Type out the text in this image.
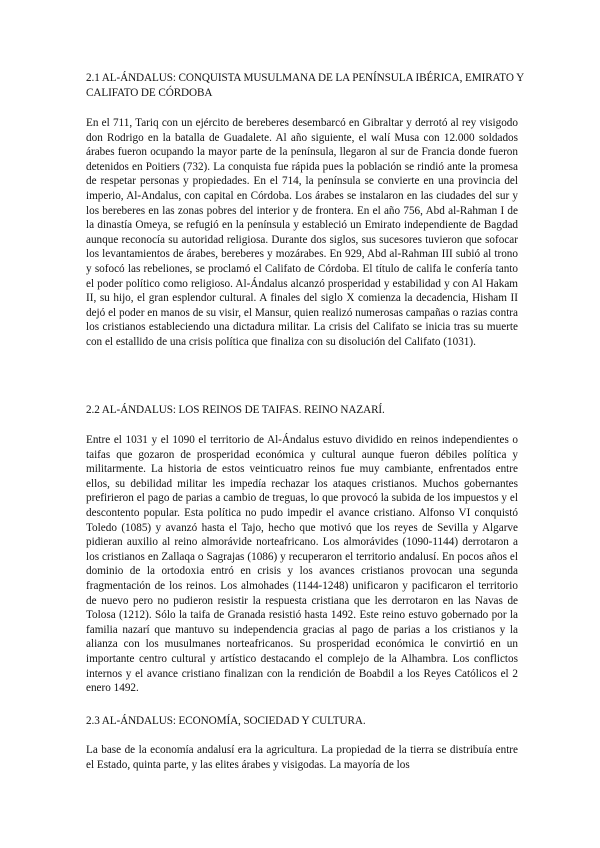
2.1 AL-ÁNDALUS: CONQUISTA MUSULMANA DE LA PENÍNSULA IBÉRICA, EMIRATO Y CALIFATO DE CÓRDOBA

En el 711, Tariq con un ejército de bereberes desembarcó en Gibraltar y derrotó al rey visigodo don Rodrigo en la batalla de Guadalete. Al año siguiente, el walí Musa con 12.000 soldados árabes fueron ocupando la mayor parte de la península, llegaron al sur de Francia donde fueron detenidos en Poitiers (732). La conquista fue rápida pues la población se rindió ante la promesa de respetar personas y propiedades. En el 714, la península se convierte en una provincia del imperio, Al-Andalus, con capital en Córdoba. Los árabes se instalaron en las ciudades del sur y los bereberes en las zonas pobres del interior y de frontera. En el año 756, Abd al-Rahman I de la dinastía Omeya, se refugió en la península y estableció un Emirato independiente de Bagdad aunque reconocía su autoridad religiosa. Durante dos siglos, sus sucesores tuvieron que sofocar los levantamientos de árabes, bereberes y mozárabes. En 929, Abd al-Rahman III subió al trono y sofocó las rebeliones, se proclamó el Califato de Córdoba. El título de califa le confería tanto el poder político como religioso. Al-Ándalus alcanzó prosperidad y estabilidad y con Al Hakam II, su hijo, el gran esplendor cultural. A finales del siglo X comienza la decadencia, Hisham II dejó el poder en manos de su visir, el Mansur, quien realizó numerosas campañas o razias contra los cristianos estableciendo una dictadura militar. La crisis del Califato se inicia tras su muerte con el estallido de una crisis política que finaliza con su disolución del Califato (1031).

2.2 AL-ÁNDALUS: LOS REINOS DE TAIFAS. REINO NAZARÍ.

Entre el 1031 y el 1090 el territorio de Al-Ándalus estuvo dividido en reinos independientes o taifas que gozaron de prosperidad económica y cultural aunque fueron débiles política y militarmente. La historia de estos veinticuatro reinos fue muy cambiante, enfrentados entre ellos, su debilidad militar les impedía rechazar los ataques cristianos. Muchos gobernantes prefirieron el pago de parias a cambio de treguas, lo que provocó la subida de los impuestos y el descontento popular. Esta política no pudo impedir el avance cristiano. Alfonso VI conquistó Toledo (1085) y avanzó hasta el Tajo, hecho que motivó que los reyes de Sevilla y Algarve pidieran auxilio al reino almorávide norteafricano. Los almorávides (1090-1144) derrotaron a los cristianos en Zallaqa o Sagrajas (1086) y recuperaron el territorio andalusí. En pocos años el dominio de la ortodoxia entró en crisis y los avances cristianos provocan una segunda fragmentación de los reinos. Los almohades (1144-1248) unificaron y pacificaron el territorio de nuevo pero no pudieron resistir la respuesta cristiana que les derrotaron en las Navas de Tolosa (1212). Sólo la taifa de Granada resistió hasta 1492. Este reino estuvo gobernado por la familia nazarí que mantuvo su independencia gracias al pago de parias a los cristianos y la alianza con los musulmanes norteafricanos. Su prosperidad económica le convirtió en un importante centro cultural y artístico destacando el complejo de la Alhambra. Los conflictos internos y el avance cristiano finalizan con la rendición de Boabdil a los Reyes Católicos el 2 enero 1492.

2.3 AL-ÁNDALUS: ECONOMÍA, SOCIEDAD Y CULTURA.

La base de la economía andalusí era la agricultura. La propiedad de la tierra se distribuía entre el Estado, quinta parte, y las elites árabes y visigodas. La mayoría de los
